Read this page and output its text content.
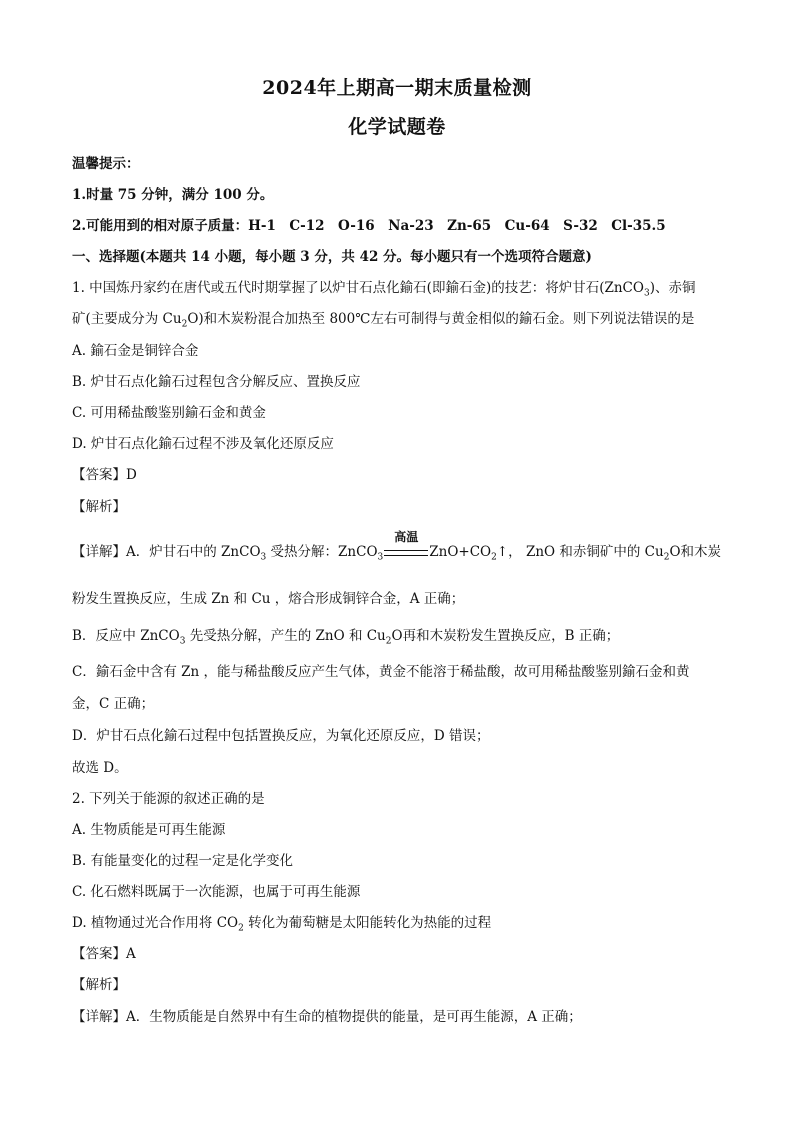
2024年上期高一期末质量检测
化学试题卷
温馨提示：
1.时量 75 分钟，满分 100 分。
2.可能用到的相对原子质量：H-1　C-12　O-16　Na-23　Zn-65　Cu-64　S-32　Cl-35.5
一、选择题(本题共 14 小题，每小题 3 分，共 42 分。每小题只有一个选项符合题意)
1. 中国炼丹家约在唐代或五代时期掌握了以炉甘石点化鍮石(即鍮石金)的技艺：将炉甘石(ZnCO$_3$)、赤铜
矿(主要成分为 $Cu_2O$)和木炭粉混合加热至 800℃左右可制得与黄金相似的鍮石金。则下列说法错误的是
A. 鍮石金是铜锌合金
B. 炉甘石点化鍮石过程包含分解反应、置换反应
C. 可用稀盐酸鉴别鍮石金和黄金
D. 炉甘石点化鍮石过程不涉及氧化还原反应
【答案】D
【解析】
【详解】A．炉甘石中的 ZnCO$_3$ 受热分解：ZnCO$_3$
高温
$ZnO+CO_2↑$， ZnO 和赤铜矿中的 $Cu_2O$和木炭
粉发生置换反应，生成 Zn 和 Cu ，熔合形成铜锌合金，A 正确；
B．反应中 ZnCO$_3$ 先受热分解，产生的 ZnO 和 $Cu_2O$再和木炭粉发生置换反应，B 正确；
C．鍮石金中含有 Zn ，能与稀盐酸反应产生气体，黄金不能溶于稀盐酸，故可用稀盐酸鉴别鍮石金和黄
金，C 正确；
D．炉甘石点化鍮石过程中包括置换反应，为氧化还原反应，D 错误；
故选 D。
2. 下列关于能源的叙述正确的是
A. 生物质能是可再生能源
B. 有能量变化的过程一定是化学变化
C. 化石燃料既属于一次能源，也属于可再生能源
D. 植物通过光合作用将 $CO_2$ 转化为葡萄糖是太阳能转化为热能的过程
【答案】A
【解析】
【详解】A．生物质能是自然界中有生命的植物提供的能量，是可再生能源，A 正确；
